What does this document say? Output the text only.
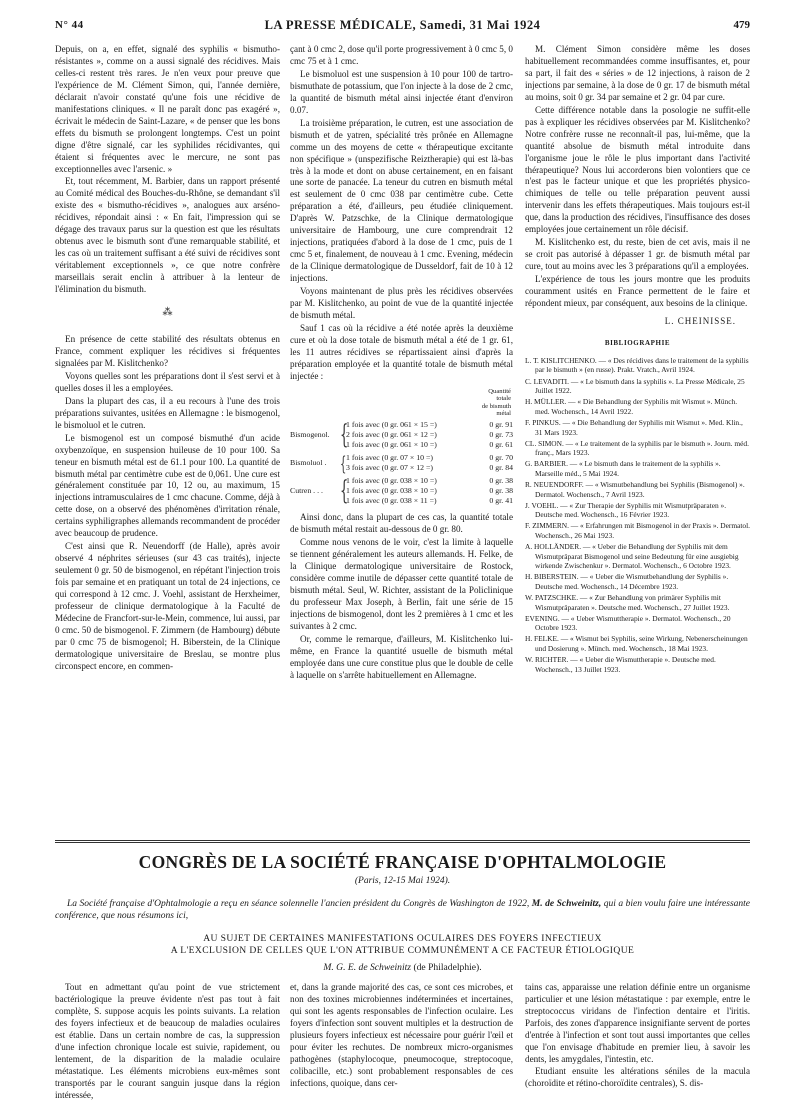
N° 44	LA PRESSE MÉDICALE, Samedi, 31 Mai 1924	479

Depuis, on a, en effet, signalé des syphilis « bismutho-résistantes », comme on a aussi signalé des récidives. Mais celles-ci restent très rares. Je n'en veux pour preuve que l'expérience de M. Clément Simon, qui, l'année dernière, déclarait n'avoir constaté qu'une fois une récidive de manifestations cliniques. « Il ne paraît donc pas exagéré », écrivait le médecin de Saint-Lazare, « de penser que les bons effets du bismuth se prolongent longtemps. C'est un point digne d'être signalé, car les syphilides récidivantes, qui étaient si fréquentes avec le mercure, ne sont pas exceptionnelles avec l'arsenic. »

Et, tout récemment, M. Barbier, dans un rapport présenté au Comité médical des Bouches-du-Rhône, se demandant s'il existe des « bismutho-récidives », analogues aux arséno-récidives, répondait ainsi : « En fait, l'impression qui se dégage des travaux parus sur la question est que les résultats obtenus avec le bismuth sont d'une remarquable stabilité, et les cas où un traitement suffisant a été suivi de récidives sont véritablement exceptionnels », ce que notre confrère marseillais serait enclin à attribuer à la lenteur de l'élimination du bismuth.

⁂

En présence de cette stabilité des résultats obtenus en France, comment expliquer les récidives si fréquentes signalées par M. Kislitchenko?

Voyons quelles sont les préparations dont il s'est servi et à quelles doses il les a employées.

Dans la plupart des cas, il a eu recours à l'une des trois préparations suivantes, usitées en Allemagne : le bismogenol, le bismoluol et le cutren.

Le bismogenol est un composé bismuthé d'un acide oxybenzoïque, en suspension huileuse de 10 pour 100. Sa teneur en bismuth métal est de 61.1 pour 100. La quantité de bismuth métal par centimètre cube est de 0,061. Une cure est généralement constituée par 10, 12 ou, au maximum, 15 injections intramusculaires de 1 cmc chacune. Comme, déjà à cette dose, on a observé des phénomènes d'irritation rénale, certains syphiligraphes allemands recommandent de procéder avec beaucoup de prudence.

C'est ainsi que R. Neuendorff (de Halle), après avoir observé 4 néphrites sérieuses (sur 43 cas traités), injecte seulement 0 gr. 50 de bismogenol, en répétant l'injection trois fois par semaine et en pratiquant un total de 24 injections, ce qui correspond à 12 cmc. J. Voehl, assistant de Herxheimer, professeur de clinique dermatologique à la Faculté de Médecine de Francfort-sur-le-Mein, commence, lui aussi, par 0 cmc. 50 de bismogenol. F. Zimmern (de Hambourg) débute par 0 cmc 75 de bismogenol; H. Biberstein, de la Clinique dermatologique universitaire de Breslau, se montre plus circonspect encore, en commen-

çant à 0 cmc 2, dose qu'il porte progressivement à 0 cmc 5, 0 cmc 75 et à 1 cmc.

Le bismoluol est une suspension à 10 pour 100 de tartro-bismuthate de potassium, que l'on injecte à la dose de 2 cmc, la quantité de bismuth métal ainsi injectée étant d'environ 0.07.

La troisième préparation, le cutren, est une association de bismuth et de yatren, spécialité très prônée en Allemagne comme un des moyens de cette « thérapeutique excitante non spécifique » (unspezifische Reiztherapie) qui est là-bas très à la mode et dont on abuse certainement, en en faisant une sorte de panacée. La teneur du cutren en bismuth métal est seulement de 0 cmc 038 par centimètre cube. Cette préparation a été, d'ailleurs, peu étudiée cliniquement. D'après W. Patzschke, de la Clinique dermatologique universitaire de Hambourg, une cure comprendrait 12 injections, pratiquées d'abord à la dose de 1 cmc, puis de 1 cmc 5 et, finalement, de nouveau à 1 cmc. Evening, médecin de la Clinique dermatologique de Dusseldorf, fait de 10 à 12 injections.

Voyons maintenant de plus près les récidives observées par M. Kislitchenko, au point de vue de la quantité injectée de bismuth métal.

Sauf 1 cas où la récidive a été notée après la deuxième cure et où la dose totale de bismuth métal a été de 1 gr. 61, les 11 autres récidives se répartissaient ainsi d'après la préparation employée et la quantité totale de bismuth métal injectée :

Quantité
totale
de bismuth
métal
Bismogenol. {
1 fois avec (0 gr. 061 × 15 =)	0 gr. 91
2 fois avec (0 gr. 061 × 12 =)	0 gr. 73
1 fois avec (0 gr. 061 × 10 =)	0 gr. 61
Bismoluol . { 1 fois avec (0 gr. 07 × 10 =)	0 gr. 70
3 fois avec (0 gr. 07 × 12 =)	0 gr. 84
Cutren . . . {
1 fois avec (0 gr. 038 × 10 =)	0 gr. 38
1 fois avec (0 gr. 038 × 10 =)	0 gr. 38
1 fois avec (0 gr. 038 × 11 =)	0 gr. 41

Ainsi donc, dans la plupart de ces cas, la quantité totale de bismuth métal restait au-dessous de 0 gr. 80.

Comme nous venons de le voir, c'est la limite à laquelle se tiennent généralement les auteurs allemands. H. Felke, de la Clinique dermatologique universitaire de Rostock, considère comme inutile de dépasser cette quantité totale de bismuth métal. Seul, W. Richter, assistant de la Policlinique du professeur Max Joseph, à Berlin, fait une série de 15 injections de bismogenol, dont les 2 premières à 1 cmc et les suivantes à 2 cmc.

Or, comme le remarque, d'ailleurs, M. Kislitchenko lui-même, en France la quantité usuelle de bismuth métal employée dans une cure constitue plus que le double de celle à laquelle on s'arrête habituellement en Allemagne.

M. Clément Simon considère même les doses habituellement recommandées comme insuffisantes, et, pour sa part, il fait des « séries » de 12 injections, à raison de 2 injections par semaine, à la dose de 0 gr. 17 de bismuth métal au moins, soit 0 gr. 34 par semaine et 2 gr. 04 par cure.

Cette différence notable dans la posologie ne suffit-elle pas à expliquer les récidives observées par M. Kislitchenko? Notre confrère russe ne reconnaît-il pas, lui-même, que la quantité absolue de bismuth métal introduite dans l'organisme joue le rôle le plus important dans l'activité thérapeutique? Nous lui accorderons bien volontiers que ce n'est pas le facteur unique et que les propriétés physico-chimiques de telle ou telle préparation peuvent aussi intervenir dans les effets thérapeutiques. Mais toujours est-il que, dans la production des récidives, l'insuffisance des doses employées joue certainement un rôle décisif.

M. Kislitchenko est, du reste, bien de cet avis, mais il ne se croit pas autorisé à dépasser 1 gr. de bismuth métal par cure, tout au moins avec les 3 préparations qu'il a employées.

L'expérience de tous les jours montre que les produits couramment usités en France permettent de le faire et répondent mieux, par conséquent, aux besoins de la clinique.

L. CHEINISSE.

BIBLIOGRAPHIE
L. T. KISLITCHENKO. — « Des récidives dans le traitement de la syphilis par le bismuth » (en russe). Prakt. Vratch., Avril 1924.
C. LEVADITI. — « Le bismuth dans la syphilis ». La Presse Médicale, 25 Juillet 1922.
H. MÜLLER. — « Die Behandlung der Syphilis mit Wismut ». Münch. med. Wochensch., 14 Avril 1922.
F. PINKUS. — « Die Behandlung der Syphilis mit Wismut ». Med. Klin., 31 Mars 1923.
CL. SIMON. — « Le traitement de la syphilis par le bismuth ». Journ. méd. franç., Mars 1923.
G. BARBIER. — « Le bismuth dans le traitement de la syphilis ». Marseille méd., 5 Mai 1924.
R. NEUENDORFF. — « Wismutbehandlung bei Syphilis (Bismogenol) ». Dermatol. Wochensch., 7 Avril 1923.
J. VOEHL. — « Zur Therapie der Syphilis mit Wismutpräparaten ». Deutsche med. Wochensch., 16 Février 1923.
F. ZIMMERN. — « Erfahrungen mit Bismogenol in der Praxis ». Dermatol. Wochensch., 26 Mai 1923.
A. HOLLÄNDER. — « Ueber die Behandlung der Syphilis mit dem Wismutpräparat Bismogenol und seine Bedeutung für eine ausgiebig wirkende Zwischenkur ». Dermatol. Wochensch., 6 Octobre 1923.
H. BIBERSTEIN. — « Ueber die Wismutbehandlung der Syphilis ». Deutsche med. Wochensch., 14 Décembre 1923.
W. PATZSCHKE. — « Zur Behandlung von primärer Syphilis mit Wismutpräparaten ». Deutsche med. Wochensch., 27 Juillet 1923.
EVENING. — « Ueber Wismuttherapie ». Dermatol. Wochensch., 20 Octobre 1923.
H. FELKE. — « Wismut bei Syphilis, seine Wirkung, Nebenerscheinungen und Dosierung ». Münch. med. Wochensch., 18 Mai 1923.
W. RICHTER. — « Ueber die Wismuttherapie ». Deutsche med. Wochensch., 13 Juillet 1923.
CONGRÈS DE LA SOCIÉTÉ FRANÇAISE D'OPHTALMOLOGIE
(Paris, 12-15 Mai 1924).
La Société française d'Ophtalmologie a reçu en séance solennelle l'ancien président du Congrès de Washington de 1922, M. de Schweinitz, qui a bien voulu faire une intéressante conférence, que nous résumons ici,
AU SUJET DE CERTAINES MANIFESTATIONS OCULAIRES DES FOYERS INFECTIEUX
A L'EXCLUSION DE CELLES QUE L'ON ATTRIBUE COMMUNÉMENT A CE FACTEUR ÉTIOLOGIQUE
M. G. E. de Schweinitz (de Philadelphie).

Tout en admettant qu'au point de vue strictement bactériologique la preuve évidente n'est pas tout à fait complète, S. suppose acquis les points suivants. La relation des foyers infectieux et de beaucoup de maladies oculaires est établie. Dans un certain nombre de cas, la suppression d'une infection chronique locale est suivie, rapidement, ou lentement, de la disparition de la maladie oculaire métastatique. Les éléments microbiens eux-mêmes sont transportés par le courant sanguin jusque dans la région intéressée,

et, dans la grande majorité des cas, ce sont ces microbes, et non des toxines microbiennes indéterminées et incertaines, qui sont les agents responsables de l'infection oculaire. Les foyers d'infection sont souvent multiples et la destruction de plusieurs foyers infectieux est nécessaire pour guérir l'œil et pour éviter les rechutes. De nombreux micro-organismes pathogènes (staphylocoque, pneumocoque, streptocoque, colibacille, etc.) sont probablement responsables de ces infections, quoique, dans cer-

tains cas, apparaisse une relation définie entre un organisme particulier et une lésion métastatique : par exemple, entre le streptococcus viridans de l'infection dentaire et l'iritis. Parfois, des zones d'apparence insignifiante servent de portes d'entrée à l'infection et sont tout aussi importantes que celles que l'on envisage d'habitude en premier lieu, à savoir les dents, les amygdales, l'intestin, etc.

Etudiant ensuite les altérations séniles de la macula (choroïdite et rétino-choroïdite centrales), S. dis-
